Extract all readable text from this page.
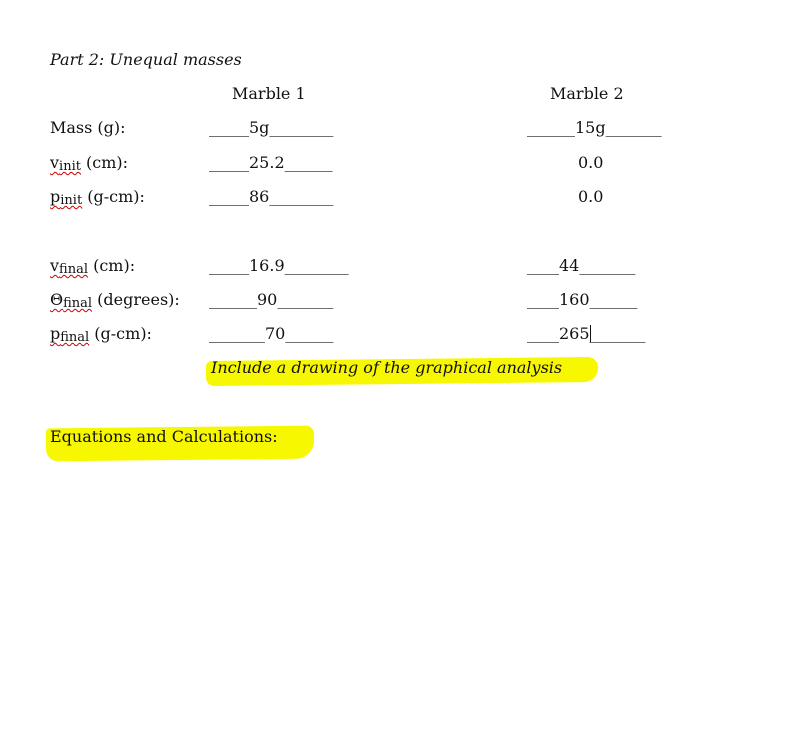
Part 2: Unequal masses
Marble 1	Marble 2
Mass (g):	_____5g________	______15g_______
vinit (cm):	_____25.2______	0.0
pinit (g-cm):	_____86________	0.0
vfinal (cm):	_____16.9________	____44_______
Θfinal (degrees): ______90_______	____160______
pfinal (g-cm):	_______70______	____265_______
Include a drawing of the graphical analysis
Equations and Calculations:
